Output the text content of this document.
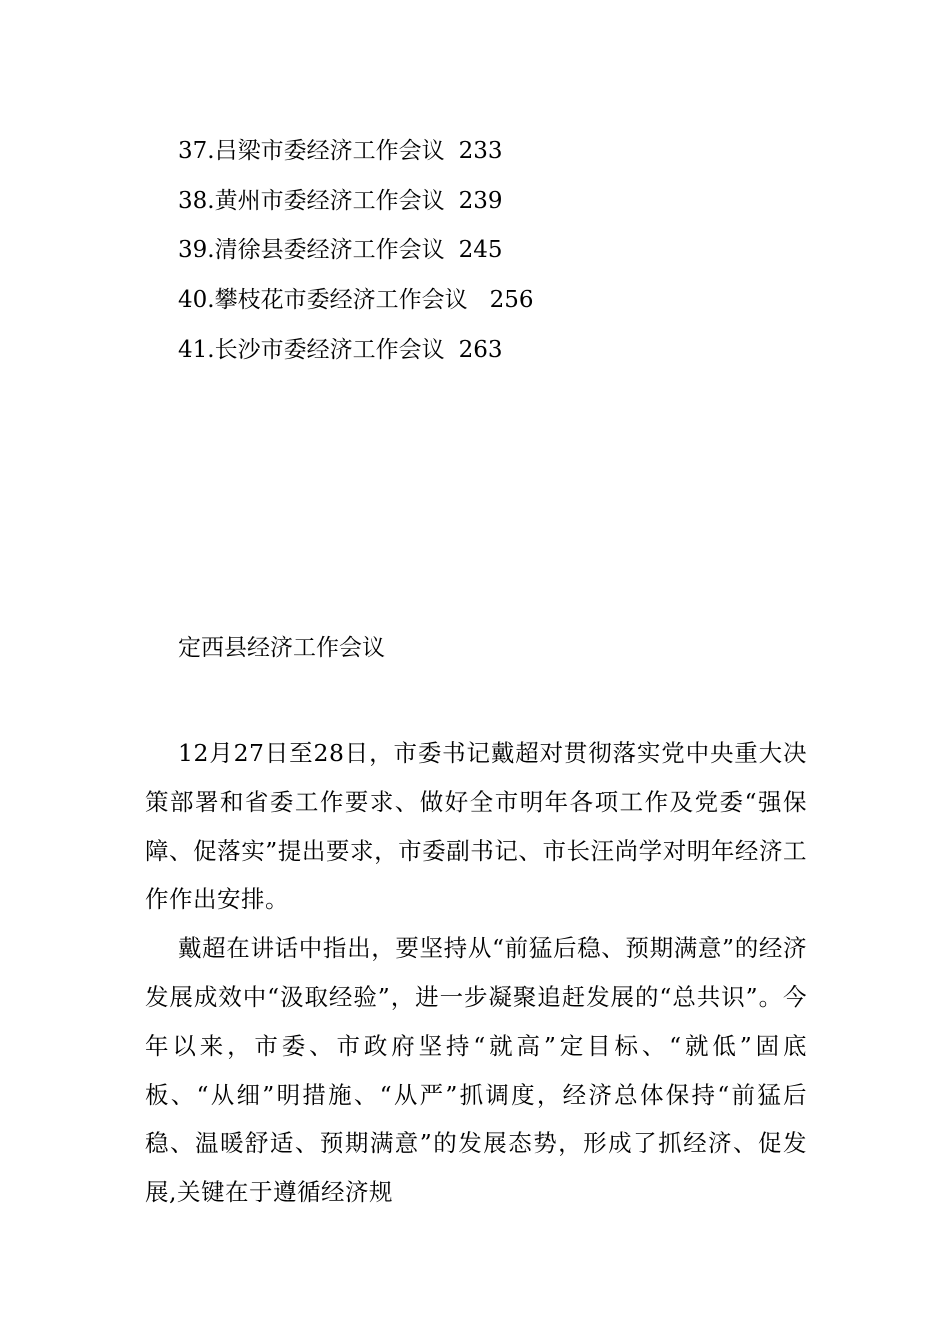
37.吕梁市委经济工作会议 233
38.黄州市委经济工作会议 239
39.清徐县委经济工作会议 245
40.攀枝花市委经济工作会议 256
41.长沙市委经济工作会议 263
定西县经济工作会议

12月27日至28日，市委书记戴超对贯彻落实党中央重大决策部署和省委工作要求、做好全市明年各项工作及党委“强保障、促落实”提出要求，市委副书记、市长汪尚学对明年经济工作作出安排。

戴超在讲话中指出，要坚持从“前猛后稳、预期满意”的经济发展成效中“汲取经验”，进一步凝聚追赶发展的“总共识”。今年以来，市委、市政府坚持“就高”定目标、“就低”固底板、“从细”明措施、“从严”抓调度，经济总体保持“前猛后稳、温暖舒适、预期满意”的发展态势，形成了抓经济、促发展,关键在于遵循经济规
